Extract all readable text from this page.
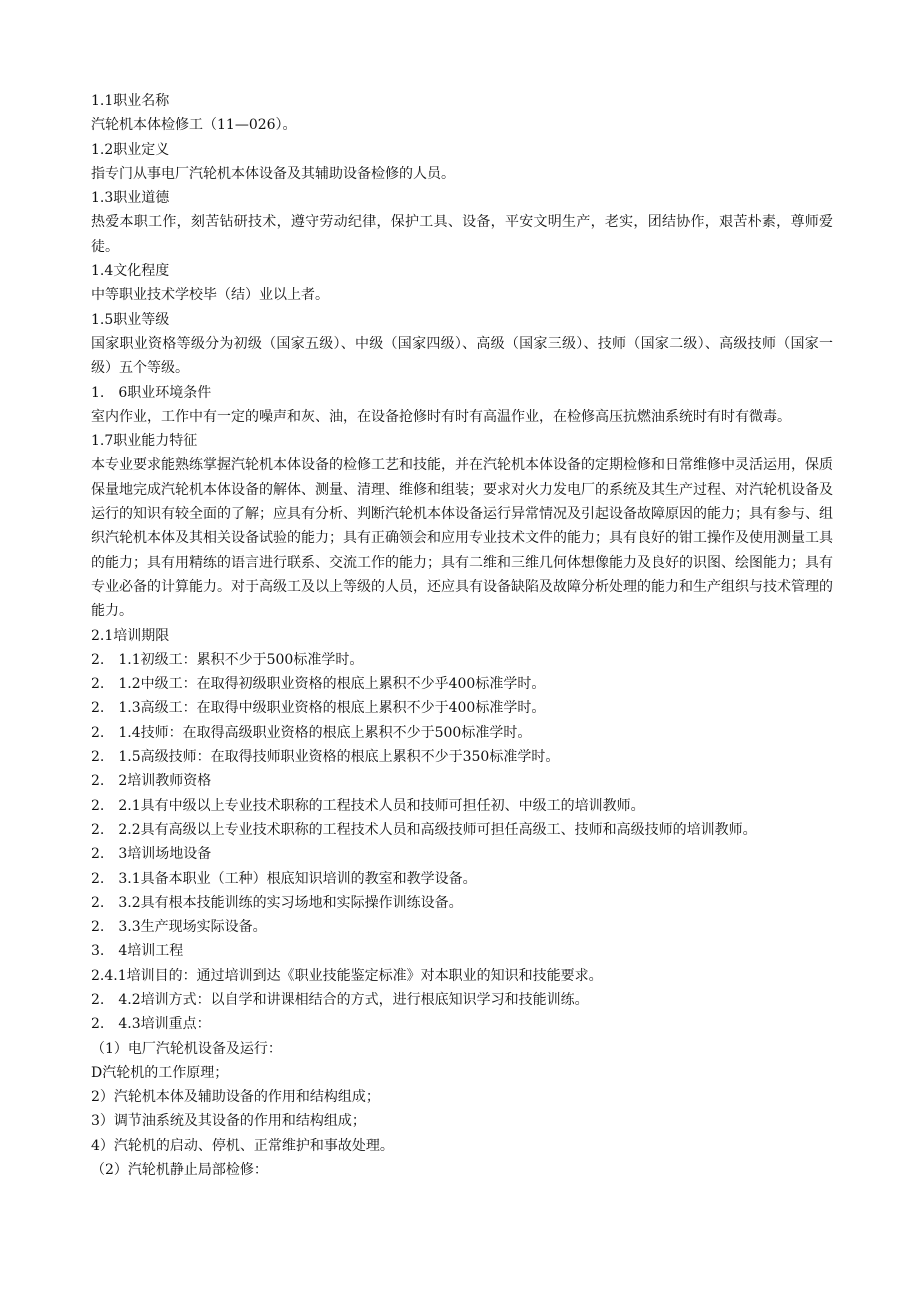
1.1职业名称

汽轮机本体检修工（11—026）。

1.2职业定义

指专门从事电厂汽轮机本体设备及其辅助设备检修的人员。

1.3职业道德

热爱本职工作，刻苦钻研技术，遵守劳动纪律，保护工具、设备，平安文明生产，老实，团结协作，艰苦朴素，尊师爱徒。

1.4文化程度

中等职业技术学校毕（结）业以上者。

1.5职业等级

国家职业资格等级分为初级（国家五级）、中级（国家四级）、高级（国家三级）、技师（国家二级）、高级技师（国家一级）五个等级。

1.　6职业环境条件

室内作业，工作中有一定的噪声和灰、油，在设备抢修时有时有高温作业，在检修高压抗燃油系统时有时有微毒。

1.7职业能力特征

本专业要求能熟练掌握汽轮机本体设备的检修工艺和技能，并在汽轮机本体设备的定期检修和日常维修中灵活运用，保质保量地完成汽轮机本体设备的解体、测量、清理、维修和组装；要求对火力发电厂的系统及其生产过程、对汽轮机设备及运行的知识有较全面的了解；应具有分析、判断汽轮机本体设备运行异常情况及引起设备故障原因的能力；具有参与、组织汽轮机本体及其相关设备试验的能力；具有正确领会和应用专业技术文件的能力；具有良好的钳工操作及使用测量工具的能力；具有用精练的语言进行联系、交流工作的能力；具有二维和三维几何体想像能力及良好的识图、绘图能力；具有专业必备的计算能力。对于高级工及以上等级的人员，还应具有设备缺陷及故障分析处理的能力和生产组织与技术管理的能力。

2.1培训期限

2.　1.1初级工：累积不少于500标准学时。

2.　1.2中级工：在取得初级职业资格的根底上累积不少乎400标准学时。

2.　1.3高级工：在取得中级职业资格的根底上累积不少于400标准学时。

2.　1.4技师：在取得高级职业资格的根底上累积不少于500标准学时。

2.　1.5高级技师：在取得技师职业资格的根底上累积不少于350标准学时。

2.　2培训教师资格

2.　2.1具有中级以上专业技术职称的工程技术人员和技师可担任初、中级工的培训教师。

2.　2.2具有高级以上专业技术职称的工程技术人员和高级技师可担任高级工、技师和高级技师的培训教师。

2.　3培训场地设备

2.　3.1具备本职业（工种）根底知识培训的教室和教学设备。

2.　3.2具有根本技能训练的实习场地和实际操作训练设备。

2.　3.3生产现场实际设备。

3.　4培训工程

2.4.1培训目的：通过培训到达《职业技能鉴定标准》对本职业的知识和技能要求。

2.　4.2培训方式：以自学和讲课相结合的方式，进行根底知识学习和技能训练。

2.　4.3培训重点：

（1）电厂汽轮机设备及运行：

D汽轮机的工作原理；

2）汽轮机本体及辅助设备的作用和结构组成；

3）调节油系统及其设备的作用和结构组成；

4）汽轮机的启动、停机、正常维护和事故处理。

（2）汽轮机静止局部检修：
